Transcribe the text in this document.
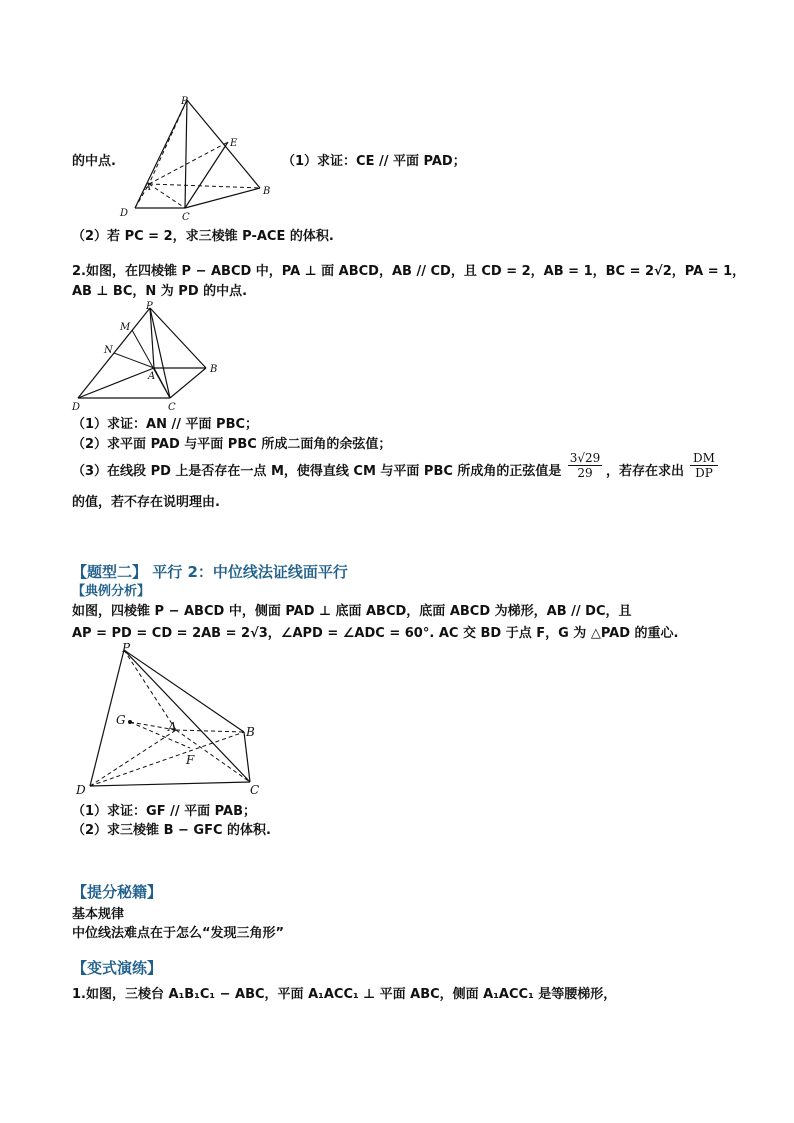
的中点.
P
E
A	B
D	C
（1）求证：CE // 平面 PAD；
（2）若 PC = 2，求三棱锥 P-ACE 的体积.
2.如图，在四棱锥 P − ABCD 中，PA ⊥ 面 ABCD，AB // CD，且 CD = 2，AB = 1，BC = 2√2，PA = 1，
AB ⊥ BC，N 为 PD 的中点.
P
M
N
A
B
D	C
（1）求证：AN // 平面 PBC；
（2）求平面 PAD 与平面 PBC 所成二面角的余弦值；
（3）在线段 PD 上是否存在一点 M，使得直线 CM 与平面 PBC 所成角的正弦值是 $\frac{3√29}{29}$ ，若存在求出 $\frac{DM}{DP}$
的值，若不存在说明理由.
【题型二】 平行 2：中位线法证线面平行
【典例分析】
如图，四棱锥 P − ABCD 中，侧面 PAD ⊥ 底面 ABCD，底面 ABCD 为梯形，AB // DC，且
AP = PD = CD = 2AB = 2√3，∠APD = ∠ADC = 60°. AC 交 BD 于点 F，G 为 △PAD 的重心.
P
G	A	B
F
D	C
（1）求证：GF // 平面 PAB；
（2）求三棱锥 B − GFC 的体积.
【提分秘籍】
基本规律
中位线法难点在于怎么“发现三角形”
【变式演练】
1.如图，三棱台 A₁B₁C₁ − ABC，平面 A₁ACC₁ ⊥ 平面 ABC，侧面 A₁ACC₁ 是等腰梯形，
